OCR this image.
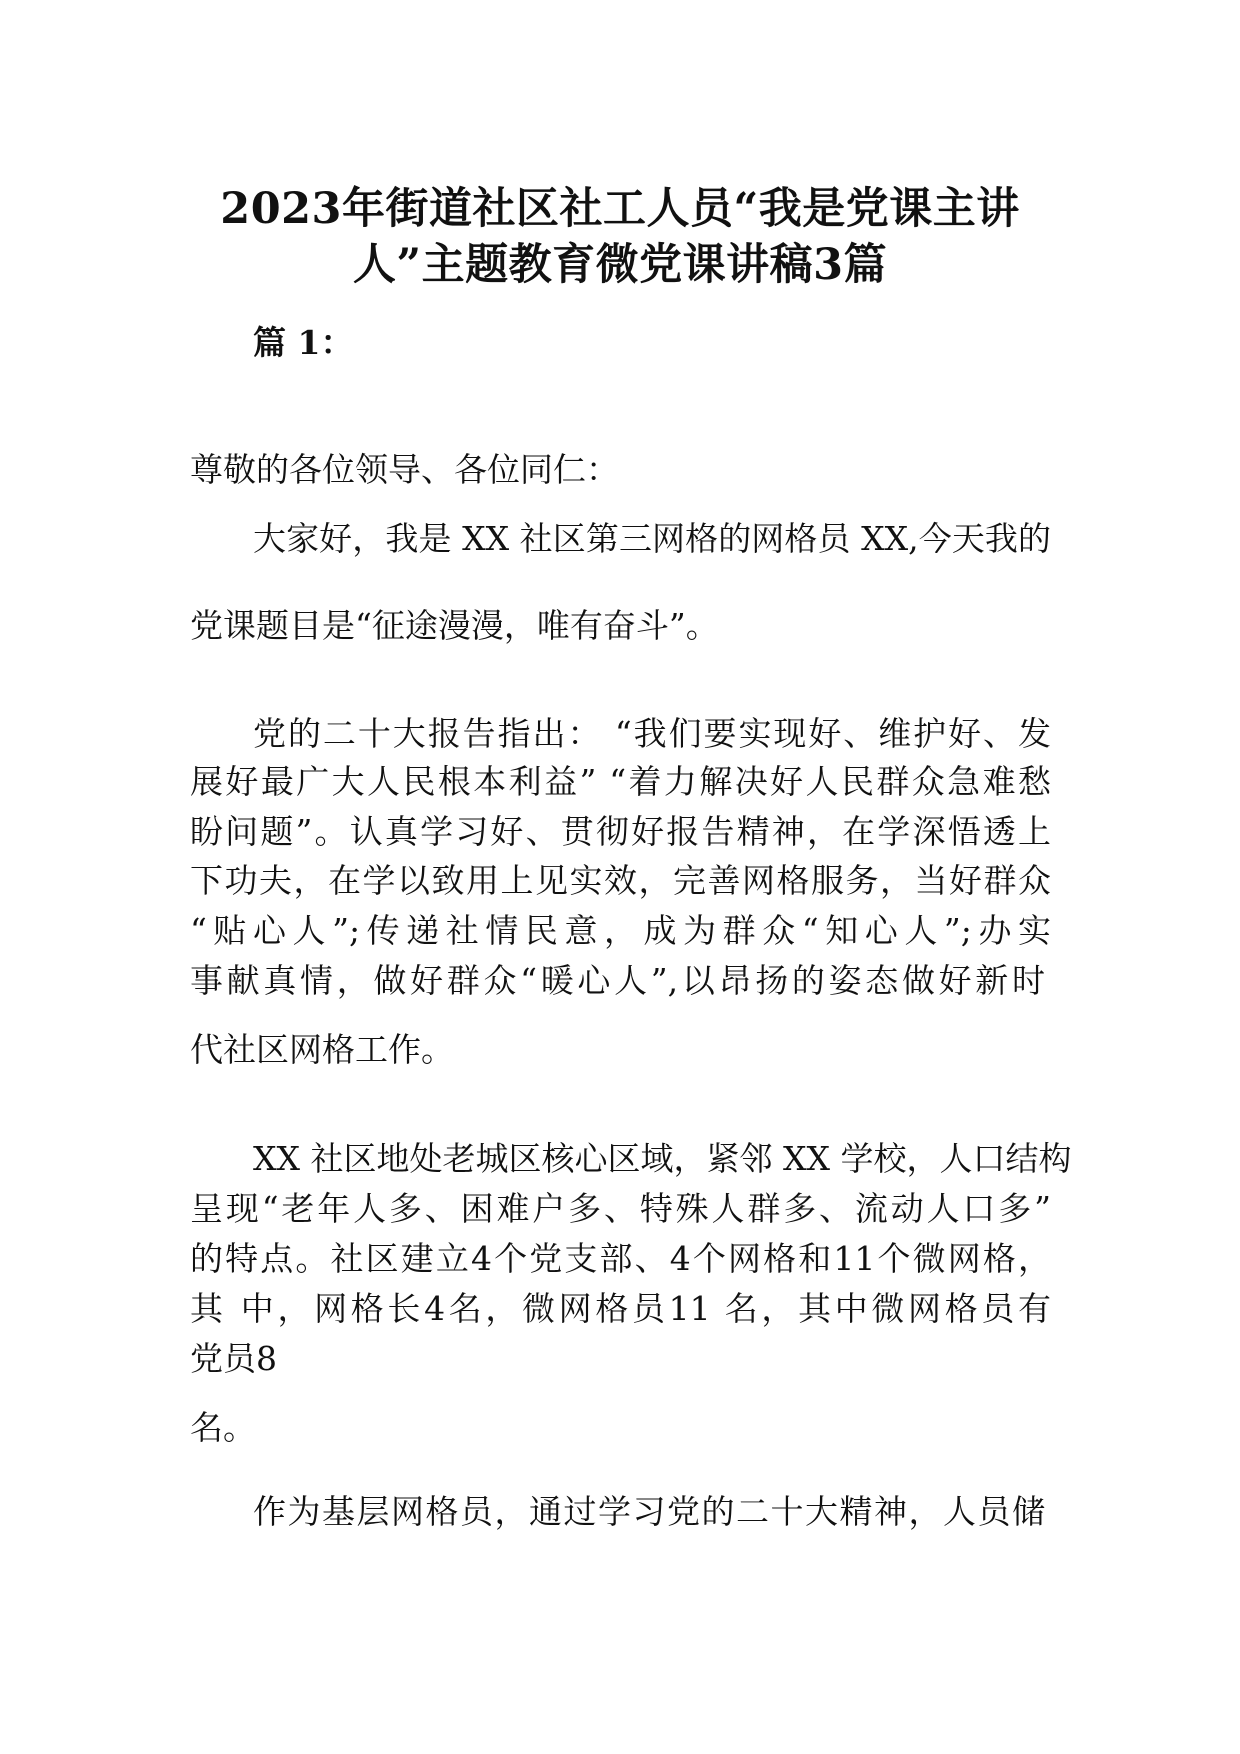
2023年街道社区社工人员“我是党课主讲
人”主题教育微党课讲稿3篇
篇 1：
尊敬的各位领导、各位同仁：
大家好，我是 XX 社区第三网格的网格员 XX,今天我的
党课题目是“征途漫漫，唯有奋斗”。
党的二十大报告指出： “我们要实现好、维护好、发
展好最广大人民根本利益” “着力解决好人民群众急难愁
盼问题”。认真学习好、贯彻好报告精神，在学深悟透上
下功夫，在学以致用上见实效，完善网格服务，当好群众
“贴心人”;传递社情民意，成为群众“知心人”;办实
事献真情，做好群众“暖心人”,以昂扬的姿态做好新时
代社区网格工作。
XX 社区地处老城区核心区域，紧邻 XX 学校，人口结构
呈现“老年人多、困难户多、特殊人群多、流动人口多”
的特点。社区建立4个党支部、4个网格和11个微网格，
其 中，网格长4名，微网格员11 名，其中微网格员有
党员8
名。
作为基层网格员，通过学习党的二十大精神，人员储
